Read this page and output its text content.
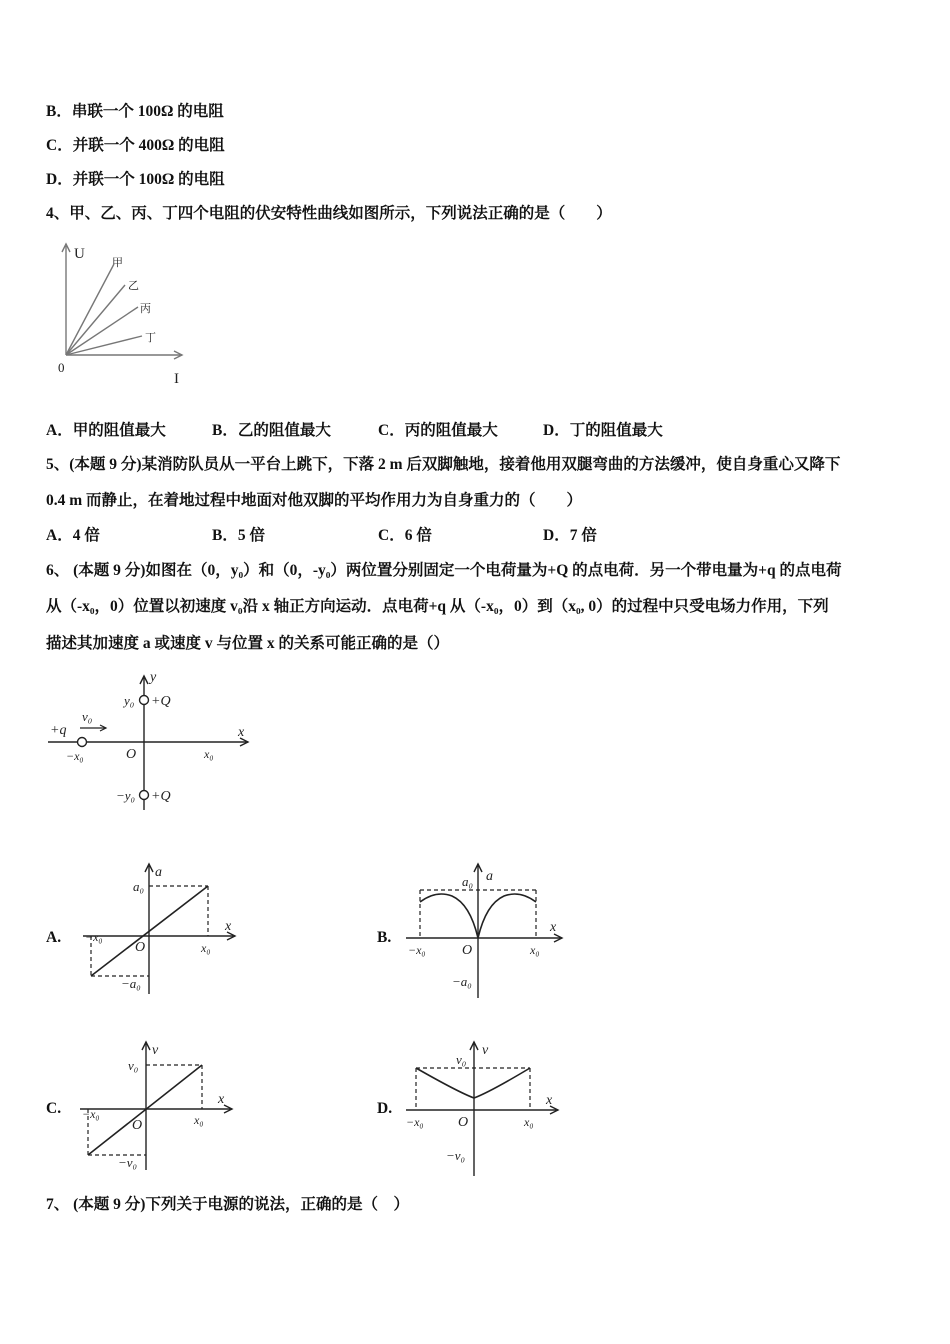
B．串联一个 100Ω 的电阻
C．并联一个 400Ω 的电阻
D．并联一个 100Ω 的电阻
4、甲、乙、丙、丁四个电阻的伏安特性曲线如图所示，下列说法正确的是（　　）
U
I
0
甲
乙
丙
丁
A．甲的阻值最大	B．乙的阻值最大	C．丙的阻值最大	D．丁的阻值最大
5、(本题 9 分)某消防队员从一平台上跳下，下落 2 m 后双脚触地，接着他用双腿弯曲的方法缓冲，使自身重心又降下
0.4 m 而静止，在着地过程中地面对他双脚的平均作用力为自身重力的（　　）
A．4 倍	B．5 倍	C．6 倍	D．7 倍
6、 (本题 9 分)如图在（0，y₀）和（0，-y₀）两位置分别固定一个电荷量为+Q 的点电荷．另一个带电量为+q 的点电荷
从（-x₀，0）位置以初速度 v₀沿 x 轴正方向运动．点电荷+q 从（-x₀，0）到（x₀, 0）的过程中只受电场力作用，下列
描述其加速度 a 或速度 v 与位置 x 的关系可能正确的是（）
y
x
O
y₀
−y₀
+Q
+Q
+q
v₀
−x₀	x₀
A.
a
x
a₀
−a₀
O
−x₀
x₀
B.
a
x
a₀
−a₀
O
−x₀	x₀
C.
v
x
v₀
−v₀
O
−x₀	x₀
D.
v
x
v₀
−v₀
O
−x₀	x₀
7、 (本题 9 分)下列关于电源的说法，正确的是（　）
